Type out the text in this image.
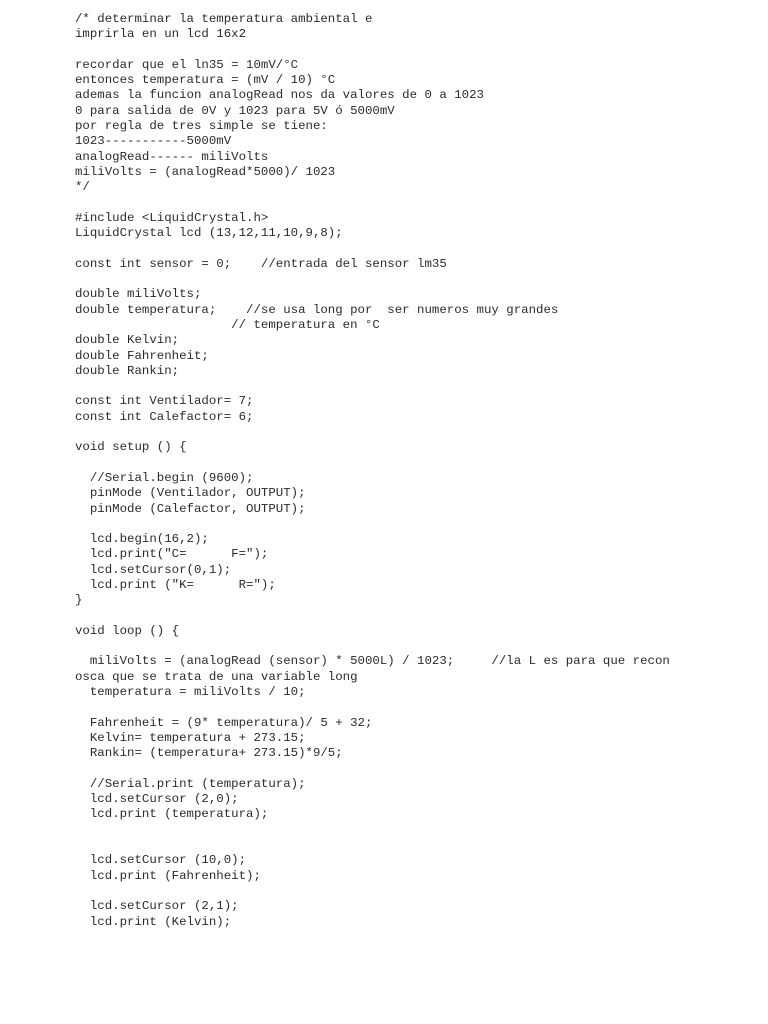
/* determinar la temperatura ambiental e
imprirla en un lcd 16x2
recordar que el ln35 = 10mV/°C
entonces temperatura = (mV / 10) °C
ademas la funcion analogRead nos da valores de 0 a 1023
0 para salida de 0V y 1023 para 5V ó 5000mV
por regla de tres simple se tiene:
1023-----------5000mV
analogRead------ miliVolts
miliVolts = (analogRead*5000)/ 1023
*/
#include <LiquidCrystal.h>
LiquidCrystal lcd (13,12,11,10,9,8);
const int sensor = 0;    //entrada del sensor lm35
double miliVolts;
double temperatura;    //se usa long por  ser numeros muy grandes
// temperatura en °C
double Kelvin;
double Fahrenheit;
double Rankin;
const int Ventilador= 7;
const int Calefactor= 6;
void setup () {
//Serial.begin (9600);
pinMode (Ventilador, OUTPUT);
pinMode (Calefactor, OUTPUT);
lcd.begin(16,2);
lcd.print("C=      F=");
lcd.setCursor(0,1);
lcd.print ("K=      R=");
}
void loop () {
miliVolts = (analogRead (sensor) * 5000L) / 1023;     //la L es para que recon
osca que se trata de una variable long
temperatura = miliVolts / 10;
Fahrenheit = (9* temperatura)/ 5 + 32;
Kelvin= temperatura + 273.15;
Rankin= (temperatura+ 273.15)*9/5;
//Serial.print (temperatura);
lcd.setCursor (2,0);
lcd.print (temperatura);
lcd.setCursor (10,0);
lcd.print (Fahrenheit);
lcd.setCursor (2,1);
lcd.print (Kelvin);
